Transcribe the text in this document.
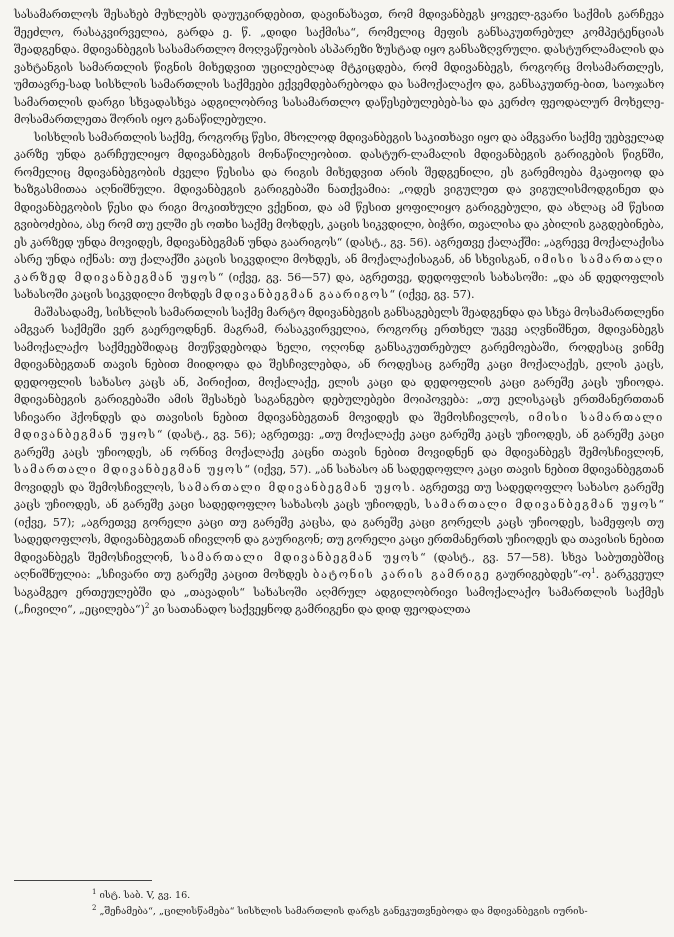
სასამართლოს შესახებ მუხლებს დაუუკირდებით, დავინახავთ, რომ მდივანბეგს ყოველ-გვარი საქმის გარჩევა შეეძლო, რასაკვირველია, გარდა ე. წ. „დიდი საქმისა“, რომელიც მეფის განსაკუთრებულ კომპეტენციას შეადგენდა. მდივანბეგის სასამართლო მოღვაწეობის ასპარეზი ზუსტად იყო განსაზღვრული. დასტურლამალის და ვახტანგის სამართლის წიგნის მიხედვით უცილებლად მტკიცდება, რომ მდივანბეგს, როგორც მოსამართლეს, უმთავრე-სად სისხლის სამართლის საქმეები ექვემდებარებოდა და სამოქალაქო და, განსაკუთრე-ბით, საოჯახო სამართლის დარგი სხვადასხვა ადგილობრივ სასამართლო დაწესებულებებ-სა და კერძო ფეოდალურ მოხელე-მოსამართლეთა შორის იყო განაწილებული.

სისხლის სამართლის საქმე, როგორც წესი, მხოლოდ მდივანბეგის საკითხავი იყო და ამგვარი საქმე უებველად კარზე უნდა გარჩეულიყო მდივანბეგის მონაწილეობით. დასტურ-ლამალის მდივანბეგის გარიგების წიგნში, რომელიც მდივანბეგობის ძველი წესისა და რიგის მიხედვით არის შედგენილი, ეს გარემოება მკაფიოდ და ხაზგასმითაა აღნიშნული. მდივანბეგის გარიგებაში ნათქვამია: „ოდეს ვიგულეთ და ვიგულისმოდგინეთ და მდივანბეგობის წესი და რიგი მოკითხული ვქენით, და ამ წესით ყოფილიყო გარიგებული, და ახლაც ამ წესით გვიბოძებია, ასე რომ თუ ელში ეს ოთხი საქმე მოხდეს, კაცის სიკვდილი, ბიჭრი, თვალისა და კბილის გაგდებინება, ეს კარზედ უნდა მოვიდეს, მდივანბეგმან უნდა გაარიგოს“ (დასტ., გვ. 56). აგრეთვე ქალაქში: „აგრევე მოქალაქისა ასრე უნდა იქნას: თუ ქალაქში კაცის სიკვდილი მოხდეს, ან მოქალაქისაგან, ან სხვისგან, იმისი სამართალი კარზედ მდივანბეგმან უყოს“ (იქვე, გვ. 56—57) და, აგრეთვე, დედოფლის სახასოში: „და ან დედოფლის სახასოში კაცის სიკვდილი მოხდეს მდივანბეგმან გაარიგოს“ (იქვე, გვ. 57).

მაშასადამე, სისხლის სამართლის საქმე მარტო მდივანბეგის განსაგებელს შეადგენდა და სხვა მოსამართლენი ამგვარ საქმეში ვერ გაერეოდნენ. მაგრამ, რასაკვირველია, როგორც ერთხელ უკვე აღვნიშნეთ, მდივანბეგს სამოქალაქო საქმეებშიდაც მიუწვდებოდა ხელი, ოღონდ განსაკუთრებულ გარემოებაში, როდესაც ვინმე მდივანბეგთან თავის ნებით მიიდოდა და შესჩივლებდა, ან როდესაც გარეშე კაცი მოქალაქეს, ელის კაცს, დედოფლის სახასო კაცს ან, პირიქით, მოქალაქე, ელის კაცი და დედოფლის კაცი გარეშე კაცს უჩიოდა. მდივანბეგის გარიგებაში ამის შესახებ საგანგებო დებულებები მოიპოვება: „თუ ელისკაცს ერთმანერთთან სჩივარი ჰქონდეს და თავისის ნებით მდივანბეგთან მოვიდეს და შემოსჩივლოს, იმისი სამართალი მდივანბეგმან უყოს“ (დასტ., გვ. 56); აგრეთვე: „თუ მოქალაქე კაცი გარეშე კაცს უჩიოდეს, ან გარეშე კაცი გარეშე კაცს უჩიოდეს, ან ორნივ მოქალაქე კაცნი თავის ნებით მოვიდნენ და მდივანბეგს შემოსჩივლონ, სამართალი მდივანბეგმან უყოს“ (იქვე, 57). „ან სახასო ან სადედოფლო კაცი თავის ნებით მდივანბეგთან მოვიდეს და შემოსჩივლოს, სამართალი მდივანბეგმან უყოს. აგრეთვე თუ სადედოფლო სახასო გარეშე კაცს უჩიოდეს, ან გარეშე კაცი სადედოფლო სახასოს კაცს უჩიოდეს, სამართალი მდივანბეგმან უყოს“ (იქვე, 57); „აგრეთვე გორელი კაცი თუ გარეშე კაცსა, და გარეშე კაცი გორელს კაცს უჩიოდეს, სამეფოს თუ სადედოფლოს, მდივანბეგთან იჩივლონ და გაურიგონ; თუ გორელი კაცი ერთმანერთს უჩიოდეს და თავისის ნებით მდივანბეგს შემოსჩივლონ, სამართალი მდივანბეგმან უყოს“ (დასტ., გვ. 57—58). სხვა საბუთებშიც აღნიშნულია: „სჩივარი თუ გარეშე კაცით მოხდეს ბატონის კარის გამრიგე გაურიგებდეს“-ო$^1$. გარკვეულ საგამგეო ერთეულებში და „თავადის“ სახასოში აღმრულ ადგილობრივი სამოქალაქო სამართლის საქმეს („ჩივილი“, „ეცილება“)$^2$ კი სათანადო საქვეყნოდ გამრიგენი და დიდ ფეოდალთა

$^1$ ისტ. საბ. V, გვ. 16.

$^2$ „შეჩამება“, „ცილისწამება“ სისხლის სამართლის დარგს განეკუთვნებოდა და მდივანბეგის იურის-
